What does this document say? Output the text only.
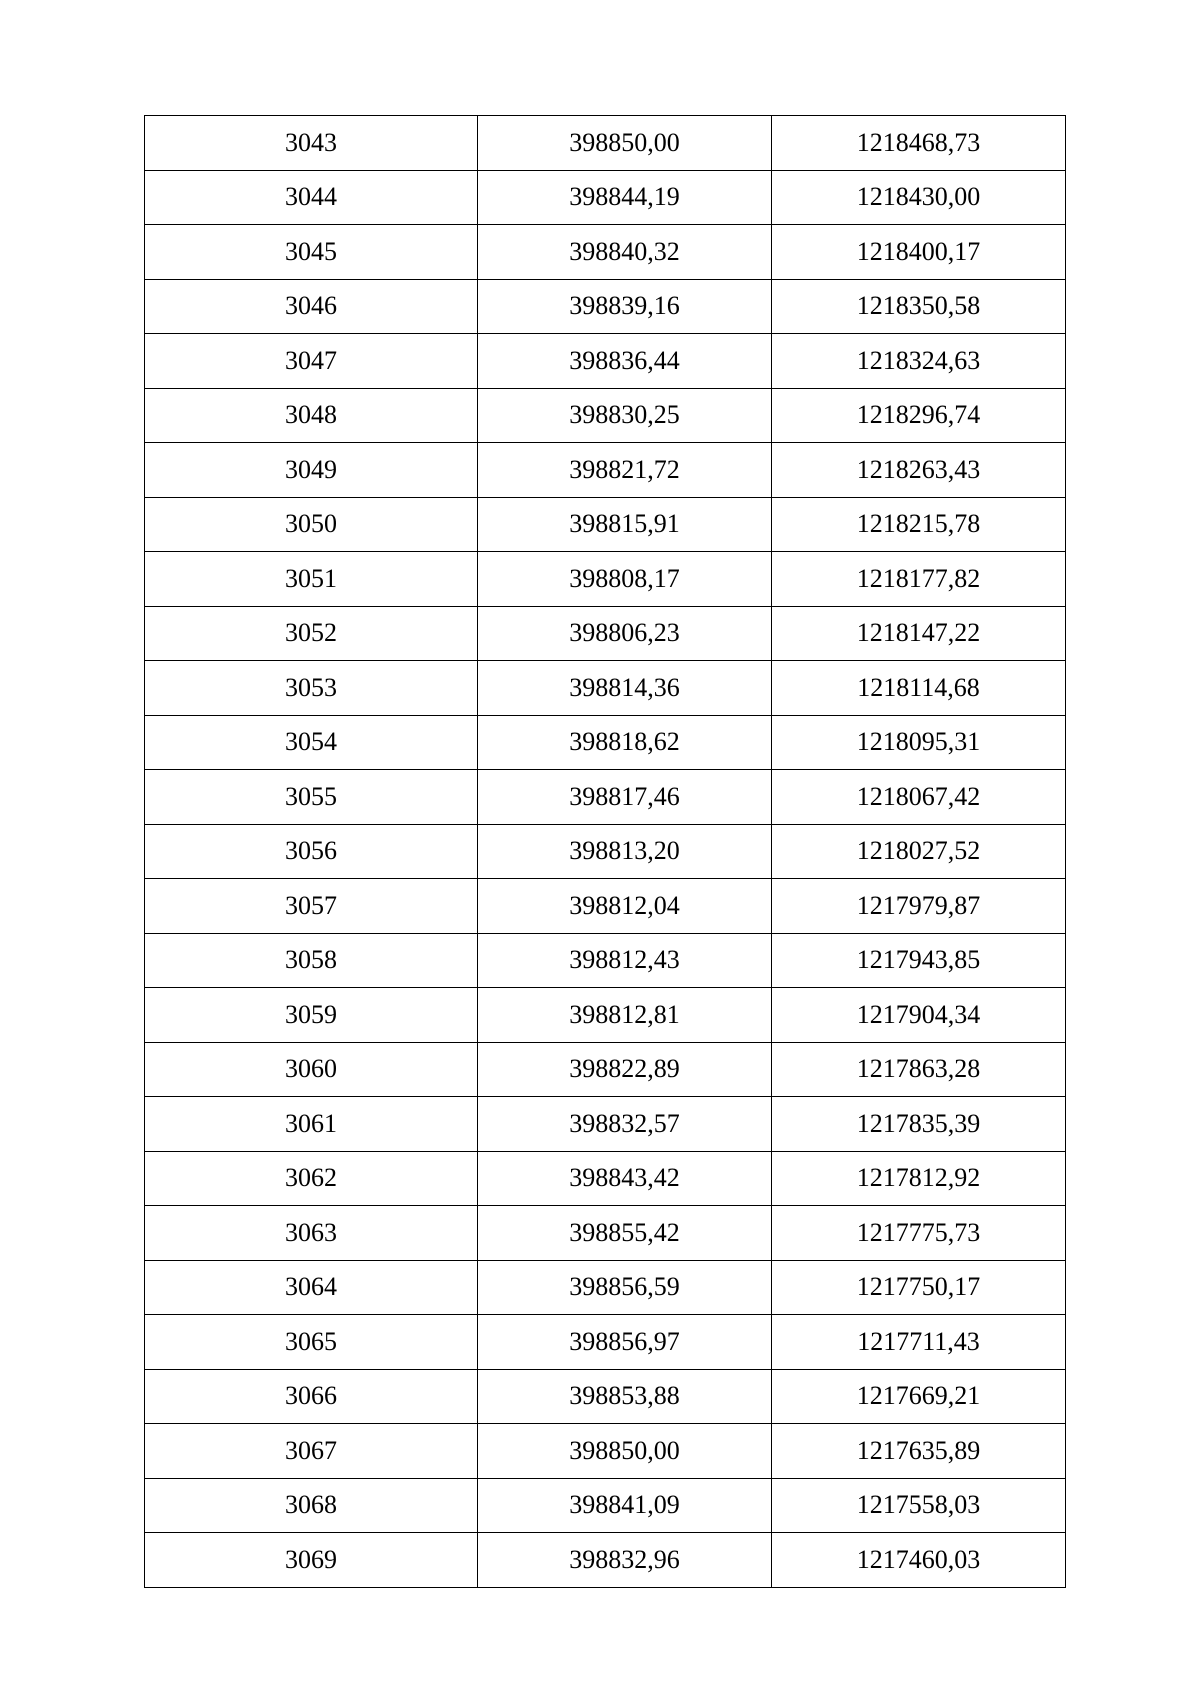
3043	398850,00	1218468,73
3044	398844,19	1218430,00
3045	398840,32	1218400,17
3046	398839,16	1218350,58
3047	398836,44	1218324,63
3048	398830,25	1218296,74
3049	398821,72	1218263,43
3050	398815,91	1218215,78
3051	398808,17	1218177,82
3052	398806,23	1218147,22
3053	398814,36	1218114,68
3054	398818,62	1218095,31
3055	398817,46	1218067,42
3056	398813,20	1218027,52
3057	398812,04	1217979,87
3058	398812,43	1217943,85
3059	398812,81	1217904,34
3060	398822,89	1217863,28
3061	398832,57	1217835,39
3062	398843,42	1217812,92
3063	398855,42	1217775,73
3064	398856,59	1217750,17
3065	398856,97	1217711,43
3066	398853,88	1217669,21
3067	398850,00	1217635,89
3068	398841,09	1217558,03
3069	398832,96	1217460,03
